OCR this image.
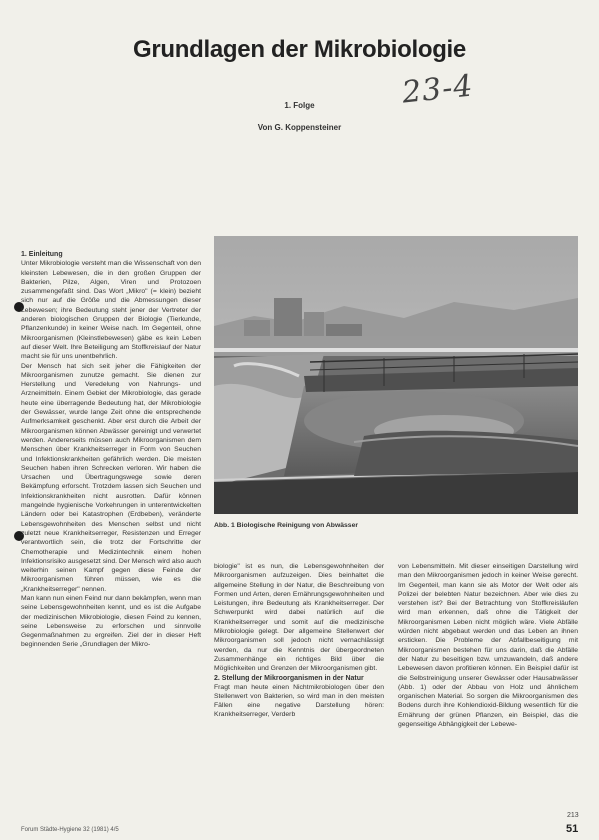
Grundlagen der Mikrobiologie
23-4
1. Folge
Von G. Koppensteiner

1. Einleitung

Unter Mikrobiologie versteht man die Wissenschaft von den kleinsten Lebewesen, die in den großen Gruppen der Bakterien, Pilze, Algen, Viren und Protozoen zusammengefaßt sind. Das Wort „Mikro" (= klein) bezieht sich nur auf die Größe und die Abmessungen dieser Lebewesen; ihre Bedeutung steht jener der Vertreter der anderen biologischen Gruppen der Biologie (Tierkunde, Pflanzenkunde) in keiner Weise nach. Im Gegenteil, ohne Mikroorganismen (Kleinstlebewesen) gäbe es kein Leben auf dieser Welt. Ihre Beteiligung am Stoffkreislauf der Natur macht sie für uns unentbehrlich.

Der Mensch hat sich seit jeher die Fähigkeiten der Mikroorganismen zunutze gemacht. Sie dienen zur Herstellung und Veredelung von Nahrungs- und Arzneimitteln. Einem Gebiet der Mikrobiologie, das gerade heute eine überragende Bedeutung hat, der Mikrobiologie der Gewässer, wurde lange Zeit ohne die entsprechende Aufmerksamkeit geschenkt. Aber erst durch die Arbeit der Mikroorganismen können Abwässer gereinigt und verwertet werden. Andererseits müssen auch Mikroorganismen dem Menschen über Krankheitserreger in Form von Seuchen und Infektionskrankheiten gefährlich werden. Die meisten Seuchen haben ihren Schrecken verloren. Wir haben die Ursachen und Übertragungswege sowie deren Bekämpfung erforscht. Trotzdem lassen sich Seuchen und Infektionskrankheiten nicht ausrotten. Dafür können mangelnde hygienische Vorkehrungen in unterentwickelten Ländern oder bei Katastrophen (Erdbeben), veränderte Lebensgewohnheiten des Menschen selbst und nicht zuletzt neue Krankheitserreger, Resistenzen und Erreger verantwortlich sein, die trotz der Fortschritte der Chemotherapie und Medizintechnik einem hohen Infektionsrisiko ausgesetzt sind. Der Mensch wird also auch weiterhin seinen Kampf gegen diese Feinde der Mikroorganismen führen müssen, wie es die „Krankheitserreger" nennen.

Man kann nun einen Feind nur dann bekämpfen, wenn man seine Lebensgewohnheiten kennt, und es ist die Aufgabe der medizinischen Mikrobiologie, diesen Feind zu kennen, seine Lebensweise zu erforschen und sinnvolle Gegenmaßnahmen zu ergreifen. Ziel der in dieser Heft beginnenden Serie „Grundlagen der Mikro-

Abb. 1 Biologische Reinigung von Abwässer

biologie" ist es nun, die Lebensgewohnheiten der Mikroorganismen aufzuzeigen. Dies beinhaltet die allgemeine Stellung in der Natur, die Beschreibung von Formen und Arten, deren Ernährungsgewohnheiten und Leistungen, ihre Bedeutung als Krankheitserreger. Der Schwerpunkt wird dabei natürlich auf die Krankheitserreger und somit auf die medizinische Mikrobiologie gelegt. Der allgemeine Stellenwert der Mikroorganismen soll jedoch nicht vernachlässigt werden, da nur die Kenntnis der übergeordneten Zusammenhänge ein richtiges Bild über die Möglichkeiten und Grenzen der Mikroorganismen gibt.

2. Stellung der Mikroorganismen in der Natur

Fragt man heute einen Nichtmikrobiologen über den Stellenwert von Bakterien, so wird man in den meisten Fällen eine negative Darstellung hören: Krankheitserreger, Verderb

von Lebensmitteln. Mit dieser einseitigen Darstellung wird man den Mikroorganismen jedoch in keiner Weise gerecht. Im Gegenteil, man kann sie als Motor der Welt oder als Polizei der belebten Natur bezeichnen. Aber wie dies zu verstehen ist? Bei der Betrachtung von Stoffkreisläufen wird man erkennen, daß ohne die Tätigkeit der Mikroorganismen Leben nicht möglich wäre. Viele Abfälle würden nicht abgebaut werden und das Leben an ihnen ersticken. Die Probleme der Abfallbeseitigung mit Mikroorganismen bestehen für uns darin, daß die Abfälle der Natur zu beseitigen bzw. umzuwandeln, daß andere Lebewesen davon profitieren können. Ein Beispiel dafür ist die Selbstreinigung unserer Gewässer oder Hausabwässer (Abb. 1) oder der Abbau von Holz und ähnlichem organischen Material. So sorgen die Mikroorganismen des Bodens durch ihre Kohlendioxid-Bildung wesentlich für die Ernährung der grünen Pflanzen, ein Beispiel, das die gegenseitige Abhängigkeit der Lebewe-

Forum Städte-Hygiene 32 (1981) 4/5
213
51
